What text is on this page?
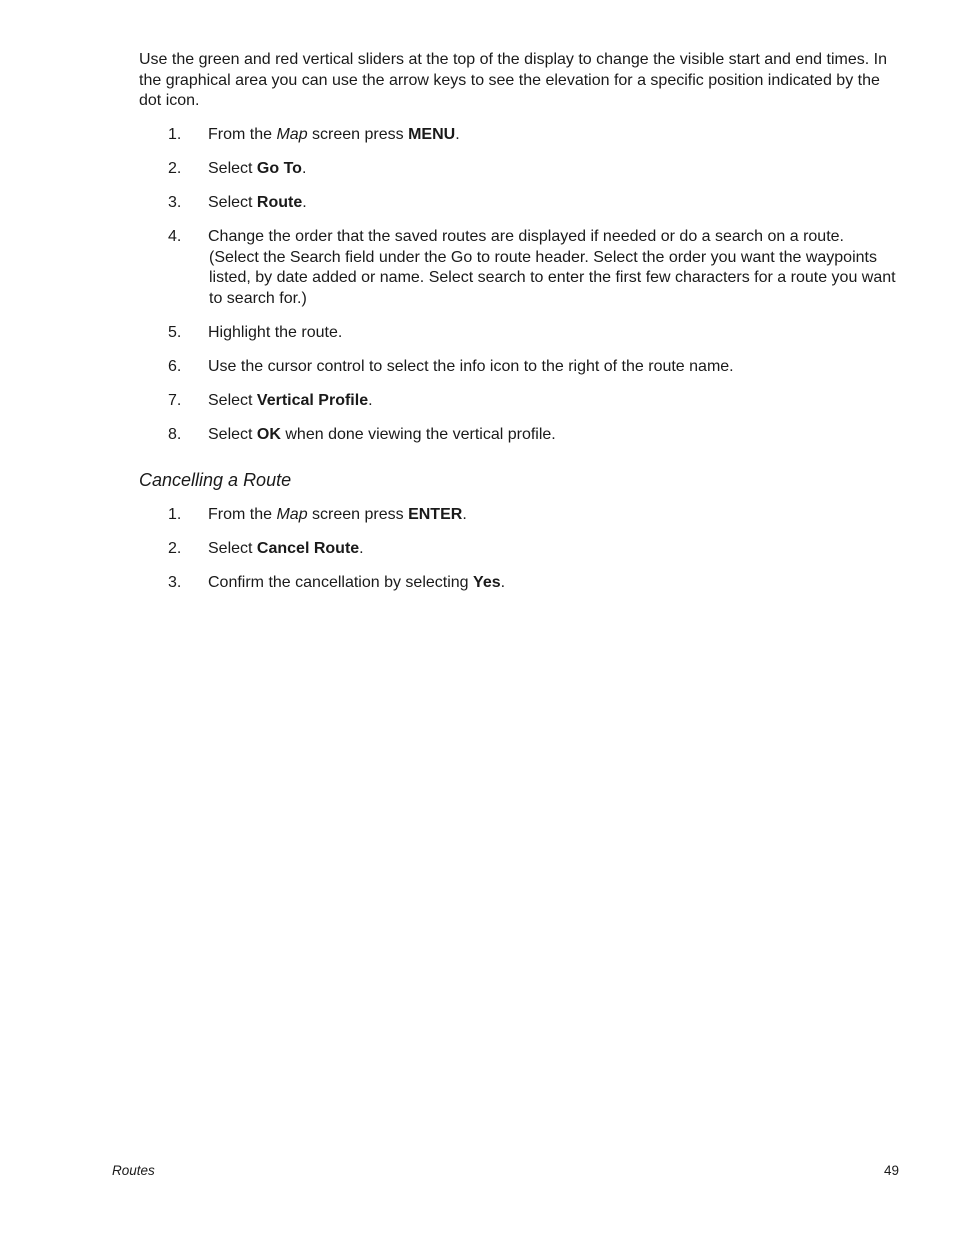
Use the green and red vertical sliders at the top of the display to change the visible start and end times. In the graphical area you can use the arrow keys to see the elevation for a specific position indicated by the dot icon.

1. From the Map screen press MENU.
2. Select Go To.
3. Select Route.
4. Change the order that the saved routes are displayed if needed or do a search on a route.
(Select the Search field under the Go to route header. Select the order you want the waypoints listed, by date added or name. Select search to enter the first few characters for a route you want to search for.)
5. Highlight the route.
6. Use the cursor control to select the info icon to the right of the route name.
7. Select Vertical Profile.
8. Select OK when done viewing the vertical profile.
Cancelling a Route
1. From the Map screen press ENTER.
2. Select Cancel Route.
3. Confirm the cancellation by selecting Yes.
Routes	49
